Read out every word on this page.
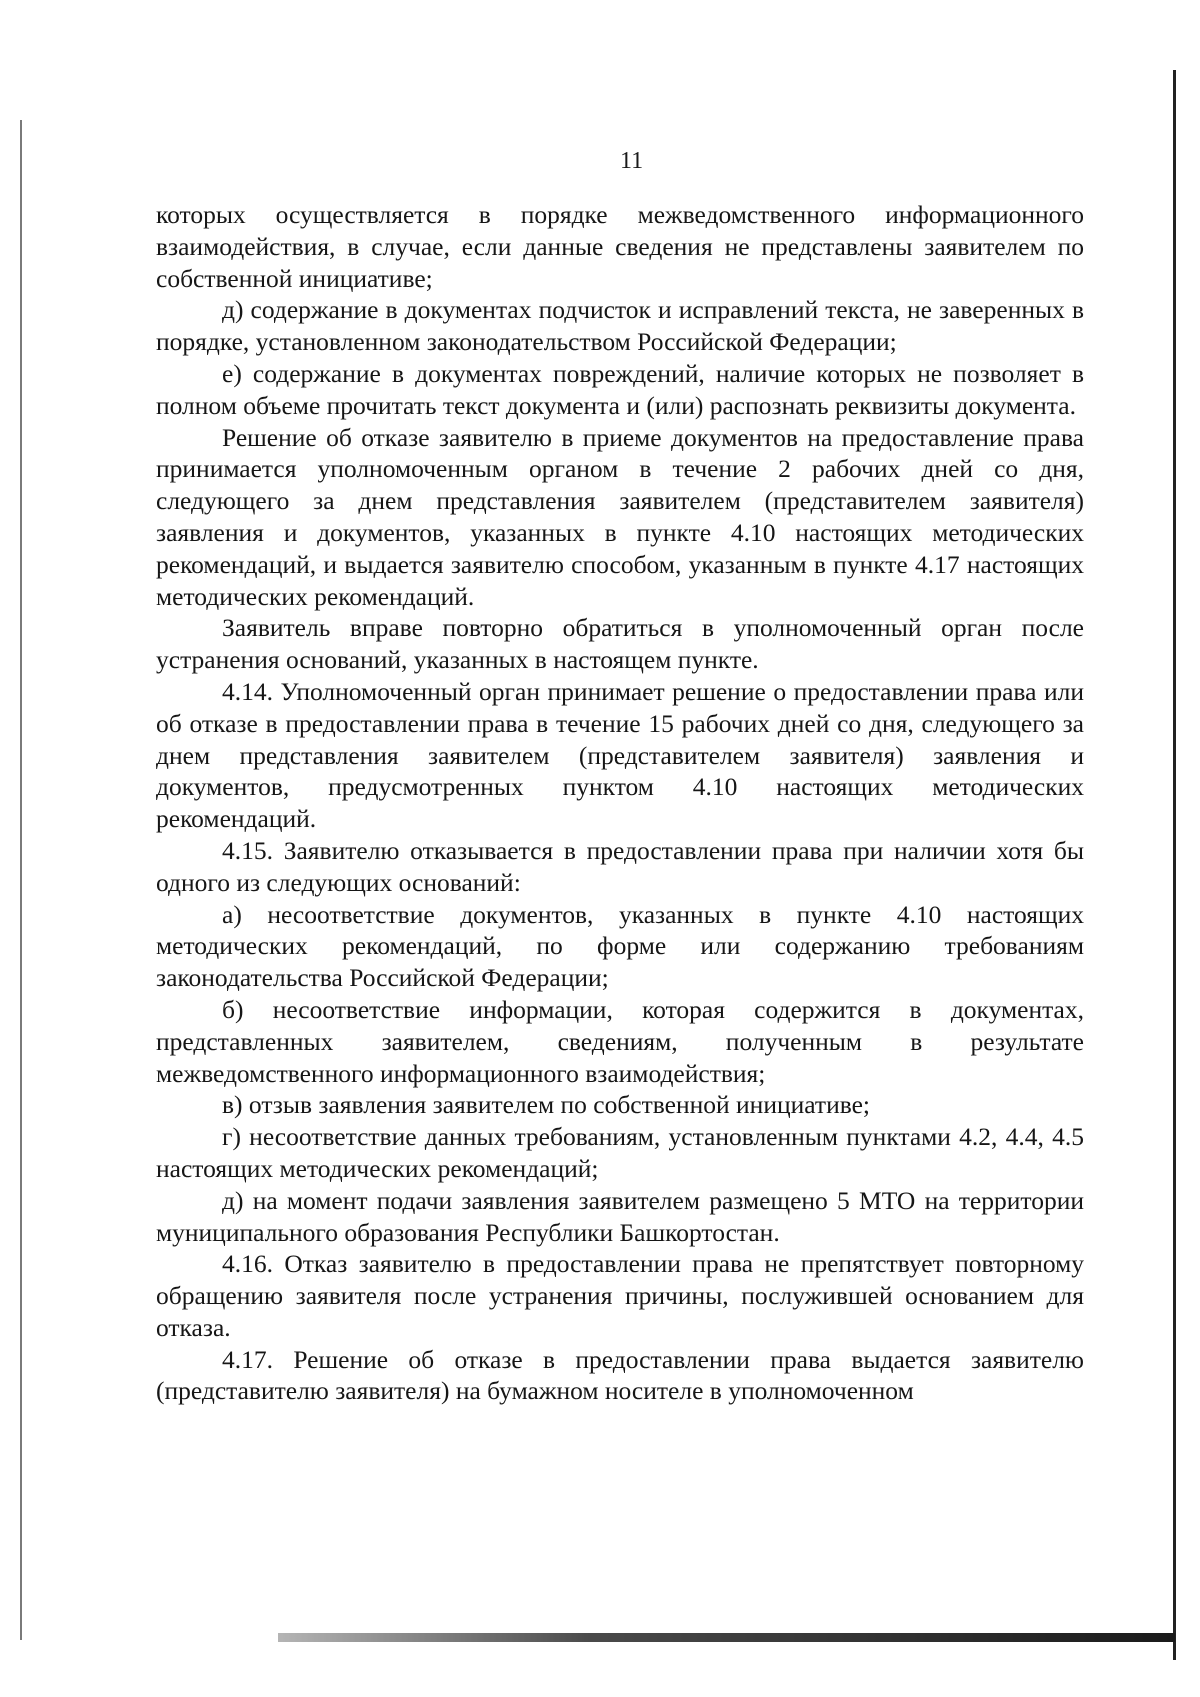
11

которых осуществляется в порядке межведомственного информационного взаимодействия, в случае, если данные сведения не представлены заявителем по собственной инициативе;

д) содержание в документах подчисток и исправлений текста, не заверенных в порядке, установленном законодательством Российской Федерации;

е) содержание в документах повреждений, наличие которых не позволяет в полном объеме прочитать текст документа и (или) распознать реквизиты документа.

Решение об отказе заявителю в приеме документов на предоставление права принимается уполномоченным органом в течение 2 рабочих дней со дня, следующего за днем представления заявителем (представителем заявителя) заявления и документов, указанных в пункте 4.10 настоящих методических рекомендаций, и выдается заявителю способом, указанным в пункте 4.17 настоящих методических рекомендаций.

Заявитель вправе повторно обратиться в уполномоченный орган после устранения оснований, указанных в настоящем пункте.

4.14. Уполномоченный орган принимает решение о предоставлении права или об отказе в предоставлении права в течение 15 рабочих дней со дня, следующего за днем представления заявителем (представителем заявителя) заявления и документов, предусмотренных пунктом 4.10 настоящих методических рекомендаций.

4.15. Заявителю отказывается в предоставлении права при наличии хотя бы одного из следующих оснований:

а) несоответствие документов, указанных в пункте 4.10 настоящих методических рекомендаций, по форме или содержанию требованиям законодательства Российской Федерации;

б) несоответствие информации, которая содержится в документах, представленных заявителем, сведениям, полученным в результате межведомственного информационного взаимодействия;

в) отзыв заявления заявителем по собственной инициативе;

г) несоответствие данных требованиям, установленным пунктами 4.2, 4.4, 4.5 настоящих методических рекомендаций;

д) на момент подачи заявления заявителем размещено 5 МТО на территории муниципального образования Республики Башкортостан.

4.16. Отказ заявителю в предоставлении права не препятствует повторному обращению заявителя после устранения причины, послужившей основанием для отказа.

4.17. Решение об отказе в предоставлении права выдается заявителю (представителю заявителя) на бумажном носителе в уполномоченном
